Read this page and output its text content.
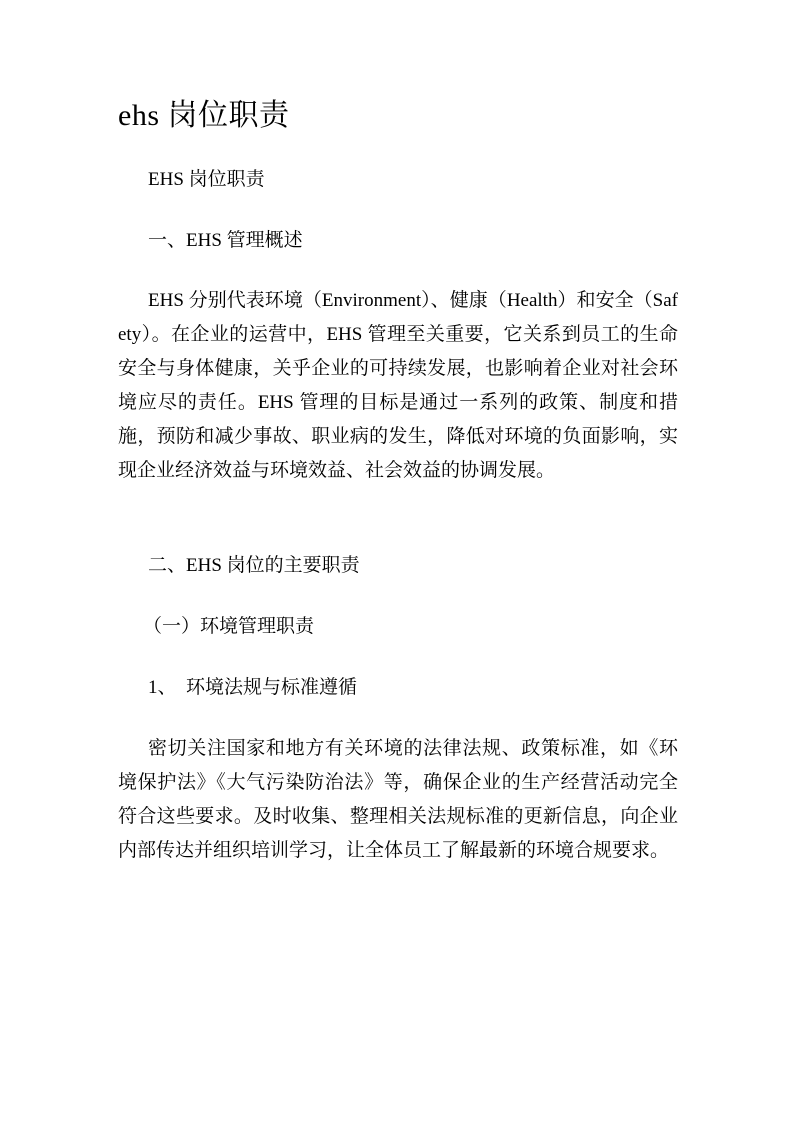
ehs 岗位职责

EHS 岗位职责

一、EHS 管理概述

EHS 分别代表环境（Environment）、健康（Health）和安全（Safety）。在企业的运营中，EHS 管理至关重要，它关系到员工的生命安全与身体健康，关乎企业的可持续发展，也影响着企业对社会环境应尽的责任。EHS 管理的目标是通过一系列的政策、制度和措施，预防和减少事故、职业病的发生，降低对环境的负面影响，实现企业经济效益与环境效益、社会效益的协调发展。

二、EHS 岗位的主要职责

（一）环境管理职责

1、  环境法规与标准遵循

密切关注国家和地方有关环境的法律法规、政策标准，如《环境保护法》《大气污染防治法》等，确保企业的生产经营活动完全符合这些要求。及时收集、整理相关法规标准的更新信息，向企业内部传达并组织培训学习，让全体员工了解最新的环境合规要求。
